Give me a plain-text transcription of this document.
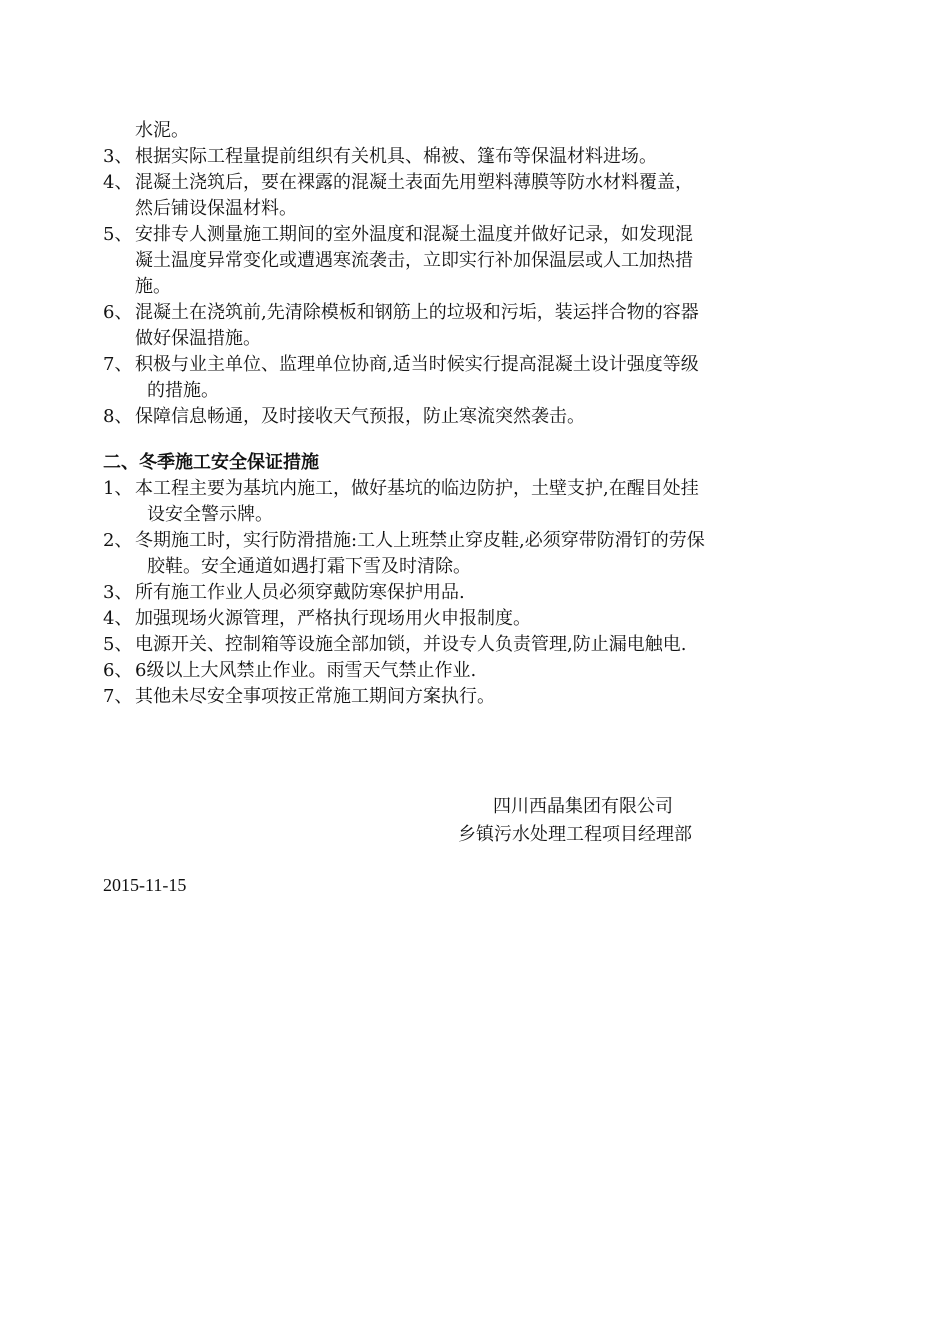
水泥。
3、 根据实际工程量提前组织有关机具、棉被、篷布等保温材料进场。
4、 混凝土浇筑后，要在裸露的混凝土表面先用塑料薄膜等防水材料覆盖，
然后铺设保温材料。
5、 安排专人测量施工期间的室外温度和混凝土温度并做好记录，如发现混
凝土温度异常变化或遭遇寒流袭击，立即实行补加保温层或人工加热措
施。
6、 混凝土在浇筑前,先清除模板和钢筋上的垃圾和污垢，装运拌合物的容器
做好保温措施。
7、 积极与业主单位、监理单位协商,适当时候实行提高混凝土设计强度等级
的措施。
8、 保障信息畅通，及时接收天气预报，防止寒流突然袭击。
二、冬季施工安全保证措施
1、 本工程主要为基坑内施工，做好基坑的临边防护，土壁支护,在醒目处挂
设安全警示牌。
2、 冬期施工时，实行防滑措施:工人上班禁止穿皮鞋,必须穿带防滑钉的劳保
胶鞋。安全通道如遇打霜下雪及时清除。
3、 所有施工作业人员必须穿戴防寒保护用品.
4、 加强现场火源管理，严格执行现场用火申报制度。
5、 电源开关、控制箱等设施全部加锁，并设专人负责管理,防止漏电触电.
6、 6级以上大风禁止作业。雨雪天气禁止作业.
7、 其他未尽安全事项按正常施工期间方案执行。
四川西晶集团有限公司
乡镇污水处理工程项目经理部
2015-11-15
